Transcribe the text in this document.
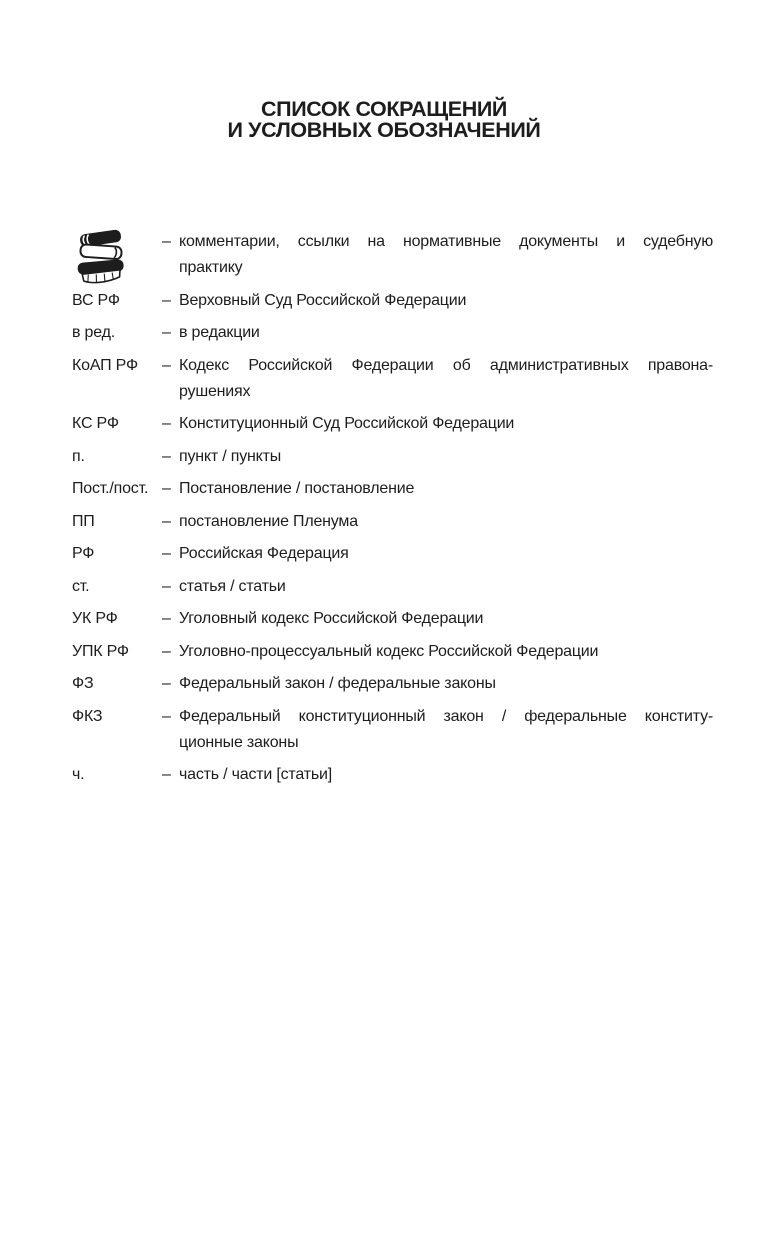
СПИСОК СОКРАЩЕНИЙ
И УСЛОВНЫХ ОБОЗНАЧЕНИЙ
– комментарии, ссылки на нормативные документы и судебную
практику
ВС РФ	– Верховный Суд Российской Федерации
в ред.	– в редакции
КоАП РФ	– Кодекс Российской Федерации об административных правона-
рушениях
КС РФ	– Конституционный Суд Российской Федерации
п.	– пункт / пункты
Пост./пост. – Постановление / постановление
ПП	– постановление Пленума
РФ	– Российская Федерация
ст.	– статья / статьи
УК РФ	– Уголовный кодекс Российской Федерации
УПК РФ	– Уголовно-процессуальный кодекс Российской Федерации
ФЗ	– Федеральный закон / федеральные законы
ФКЗ	– Федеральный конституционный закон / федеральные конститу-
ционные законы
ч.	– часть / части [статьи]
